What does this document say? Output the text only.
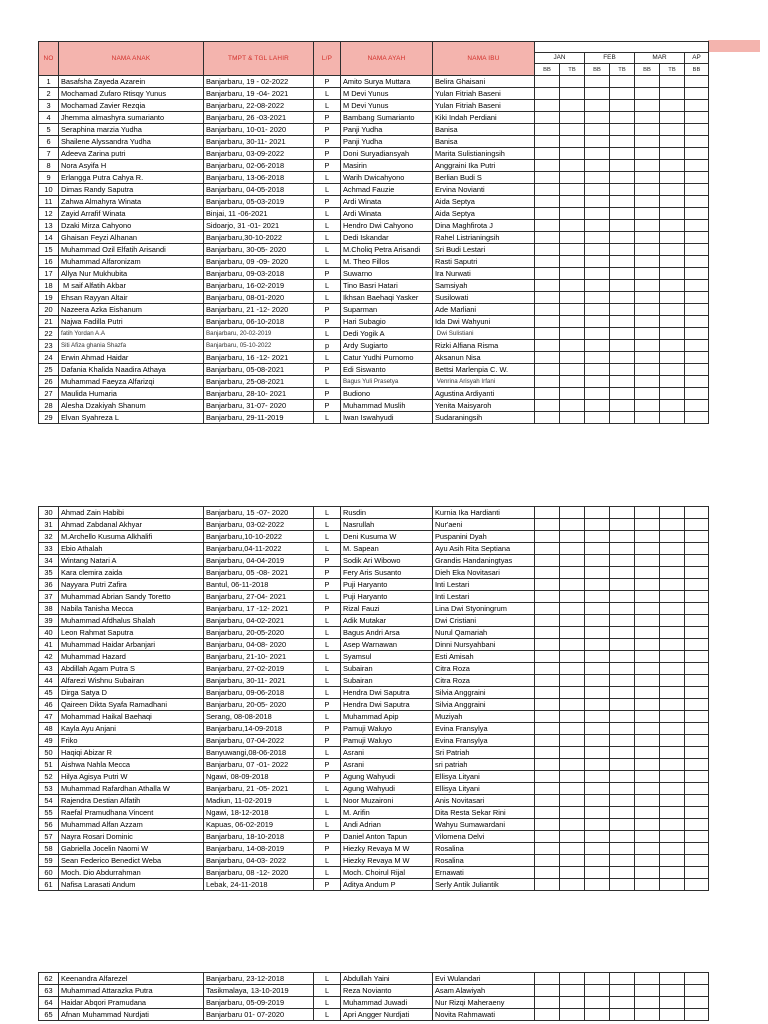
NO	NAMA ANAK	TMPT & TGL LAHIR	L/P	NAMA AYAH	NAMA IBU							
						JAN		FEB		MAR		AP
						BB	TB	BB	TB	BB	TB	BB
1	Basafsha Zayeda Azarein	Banjarbaru, 19 - 02-2022	P	Amito Surya Muttara	Belira Ghaisani							
2	Mochamad Zufaro Rtisqy Yunus	Banjarbaru, 19 -04- 2021	L	M Devi Yunus	Yulan Fitriah Baseni							
3	Mochamad Zavier Rezqia	Banjarbaru, 22-08-2022	L	M Devi Yunus	Yulan Fitriah Baseni							
4	Jhemma almashyra sumarianto	Banjarbaru, 26 -03-2021	P	Bambang Sumarianto	Kiki Indah Perdiani							
5	Seraphina marzia Yudha	Banjarbaru, 10-01- 2020	P	Panji Yudha	Banisa							
6	Shailene Alyssandra Yudha	Banjarbaru, 30-11- 2021	P	Panji Yudha	Banisa							
7	Adeeva Zarina putri	Banjarbaru, 03-09-2022	P	Doni Suryadiansyah	Marita Sulistianingsih							
8	Nora Asyifa H	Banjarbaru, 02-06-2018	P	Masirin	Anggraini Ika Putri							
9	Erlangga Putra Cahya R.	Banjarbaru, 13-06-2018	L	Warih Dwicahyono	Berlian Budi S							
10	Dimas Randy Saputra	Banjarbaru, 04-05-2018	L	Achmad Fauzie	Ervina Novianti							
11	Zahwa Almahyra Winata	Banjarbaru, 05-03-2019	P	Ardi Winata	Aida Septya							
12	Zayid Arrafif Winata	Binjai, 11 -06-2021	L	Ardi Winata	Aida Septya							
13	Dzaki Mirza Cahyono	Sidoarjo, 31 -01- 2021	L	Hendro Dwi Cahyono	Dina Maghfirota J							
14	Ghaisan Feyzi Alhanan	Banjarbaru,30-10-2022	L	Dedi Iskandar	Rahel Listrianingsih							
15	Muhammad Ozil Elfatih Arisandi	Banjarbaru, 30-05- 2020	L	M.Choliq Petra Arisandi	Sri Budi Lestari							
16	Muhammad Alfaronizam	Banjarbaru, 09 -09- 2020	L	M. Theo Fillos	Rasti Saputri							
17	Allya Nur Mukhubita	Banjarbaru, 09-03-2018	P	Suwarno	Ira Nurwati							
18	M saif Alfatih Akbar	Banjarbaru, 16-02-2019	L	Tino Basri Hatari	Samsiyah							
19	Ehsan Rayyan Altair	Banjarbaru, 08-01-2020	L	Ikhsan Baehaqi Yasker	Susilowati							
20	Nazeera Azka Eishanum	Banjarbaru, 21 -12- 2020	P	Suparman	Ade Marliani							
21	Najwa Fadilla Putri	Banjarbaru, 06-10-2018	P	Hari Subagio	Ida Dwi Wahyuni							
22	fatih Yordan A.A	Banjarbaru, 20-02-2019	L	Dedi Yogik A	Dwi Sulistiani							
23	Siti Afiza ghania Shazfa	Banjarbaru, 05-10-2022	p	Ardy Sugiarto	Rizki Alfiana Risma							
24	Erwin Ahmad Haidar	Banjarbaru, 16 -12- 2021	L	Catur Yudhi Purnomo	Aksanun Nisa							
25	Dafania Khalida Naadira Athaya	Banjarbaru, 05-08-2021	P	Edi Siswanto	Bettsi Marlenpia C. W.							
26	Muhammad Faeyza Alfarizqi	Banjarbaru, 25-08-2021	L	Bagus Yuli Prasetya	Venrina Arisyah Irfani							
27	Maulida Humaria	Banjarbaru, 28-10- 2021	P	Budiono	Agustina Ardiyanti							
28	Alesha Dzakiyah Shanum	Banjarbaru, 31-07- 2020	P	Muhammad Muslih	Yenita Maisyaroh							
29	Elvan Syahreza L	Banjarbaru, 29-11-2019	L	Iwan Iswahyudi	Sudaraningsih							
30	Ahmad Zain Habibi	Banjarbaru, 15 -07- 2020	L	Rusdin	Kurnia Ika Hardianti							
31	Ahmad Zabdanal Akhyar	Banjarbaru, 03-02-2022	L	Nasrullah	Nur'aeni							
32	M.Archello Kusuma Alkhalifi	Banjarbaru,10-10-2022	L	Deni Kusuma W	Puspanini Dyah							
33	Ebio Athalah	Banjarbaru,04-11-2022	L	M. Sapean	Ayu Asih Rita Septiana							
34	Wintang Natari A	Banjarbaru, 04-04-2019	P	Sodik Ari Wibowo	Grandis Handaningtyas							
35	Kara clemira zaida	Banjarbaru, 05 -08- 2021	P	Fery Aris Susanto	Dieh Eka Novitasari							
36	Nayyara Putri Zafira	Bantul, 06-11-2018	P	Puji Haryanto	Inti Lestari							
37	Muhammad Abrian Sandy Toretto	Banjarbaru, 27-04- 2021	L	Puji Haryanto	Inti Lestari							
38	Nabila Tanisha Mecca	Banjarbaru, 17 -12- 2021	P	Rizal Fauzi	Lina Dwi Styoningrum							
39	Muhammad Afdhalus Shalah	Banjarbaru, 04-02-2021	L	Adik Mutakar	Dwi Cristiani							
40	Leon Rahmat Saputra	Banjarbaru, 20-05-2020	L	Bagus Andri Arsa	Nurul Qamariah							
41	Muhammad Haidar Arbanjari	Banjarbaru, 04-08- 2020	L	Asep Warnawan	Dinni Nursyahbani							
42	Muhammad Hazard	Banjarbaru, 21-10- 2021	L	Syamsul	Esti Amisah							
43	Abdillah Agam Putra S	Banjarbaru, 27-02-2019	L	Subairan	Citra Roza							
44	Alfarezi Wishnu Subairan	Banjarbaru, 30-11- 2021	L	Subairan	Citra Roza							
45	Dirga Satya D	Banjarbaru, 09-06-2018	L	Hendra Dwi Saputra	Silvia Anggraini							
46	Qaireen Dikta Syafa Ramadhani	Banjarbaru, 20-05- 2020	P	Hendra Dwi Saputra	Silvia Anggraini							
47	Mohammad Haikal Baehaqi	Serang, 08-08-2018	L	Muhammad Apip	Muziyah							
48	Kayla Ayu Anjani	Banjarbaru,14-09-2018	P	Pamuji Waluyo	Evina Fransylya							
49	Friko	Banjarbaru, 07-04-2022	P	Pamuji Waluyo	Evina Fransylya							
50	Haqiqi Abizar R	Banyuwangi,08-06-2018	L	Asrani	Sri Patriah							
51	Aishwa Nahla Mecca	Banjarbaru, 07 -01- 2022	P	Asrani	sri patriah							
52	Hilya Agisya Putri W	Ngawi, 08-09-2018	P	Agung Wahyudi	Ellisya Lityani							
53	Muhammad Rafardhan Athalla W	Banjarbaru, 21 -05- 2021	L	Agung Wahyudi	Ellisya Lityani							
54	Rajendra Destian Alfatih	Madiun, 11-02-2019	L	Noor Muzaironi	Anis Novitasari							
55	Raefal Pramudhana Vincent	Ngawi, 18-12-2018	L	M. Arifin	Dita Resta Sekar Rini							
56	Muhammad Alfan Azzam	Kapuas, 06-02-2019	L	Andi Adrian	Wahyu Sumawardani							
57	Nayra Rosari Dominic	Banjarbaru, 18-10-2018	P	Daniel Anton Tapun	Vilomena Delvi							
58	Gabriella Jocelin Naomi W	Banjarbaru, 14-08-2019	P	Hiezky Revaya M W	Rosalina							
59	Sean Federico Benedict Weba	Banjarbaru, 04-03- 2022	L	Hiezky Revaya M W	Rosalina							
60	Moch. Dio Abdurrahman	Banjarbaru, 08 -12- 2020	L	Moch. Choirul Rijal	Ernawati							
61	Nafisa Larasati Andum	Lebak, 24-11-2018	P	Aditya Andum P	Serly Antik Juliantik							
62	Keenandra Alfarezel	Banjarbaru, 23-12-2018	L	Abdullah Yaini	Evi Wulandari							
63	Muhammad Attarazka Putra	Tasikmalaya, 13-10-2019	L	Reza Novianto	Asam Alawiyah							
64	Haidar Abqori Pramudana	Banjarbaru, 05-09-2019	L	Muhammad Juwadi	Nur Rizqi Maheraeny							
65	Afnan Muhammad Nurdjati	Banjarbaru 01- 07-2020	L	Apri Angger Nurdjati	Novita Rahmawati							
